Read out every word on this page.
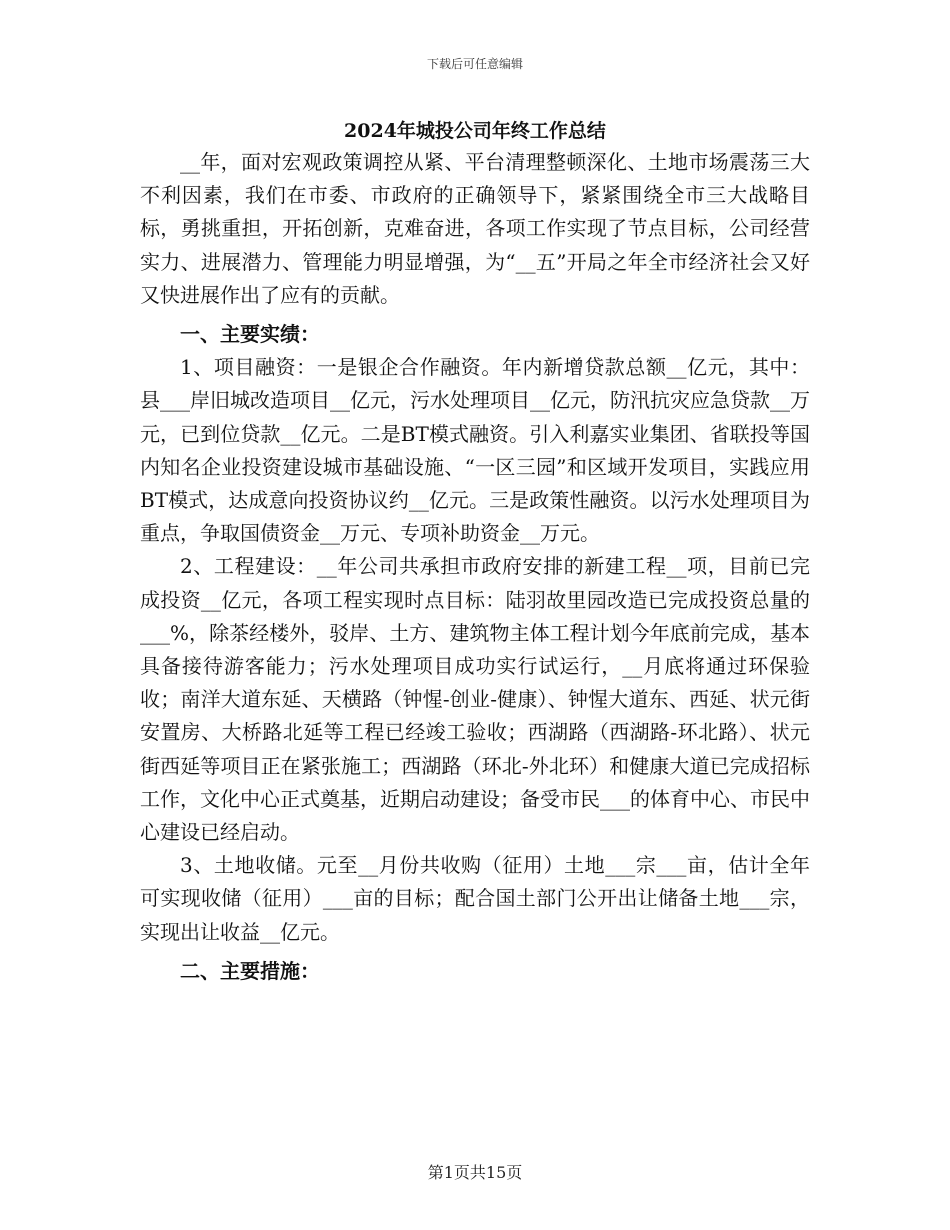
下载后可任意编辑
2024年城投公司年终工作总结

__年，面对宏观政策调控从紧、平台清理整顿深化、土地市场震荡三大不利因素，我们在市委、市政府的正确领导下，紧紧围绕全市三大战略目标，勇挑重担，开拓创新，克难奋进，各项工作实现了节点目标，公司经营实力、进展潜力、管理能力明显增强，为“__五”开局之年全市经济社会又好又快进展作出了应有的贡献。

一、主要实绩：

1、项目融资：一是银企合作融资。年内新增贷款总额__亿元，其中：县___岸旧城改造项目__亿元，污水处理项目__亿元，防汛抗灾应急贷款__万元，已到位贷款__亿元。二是BT模式融资。引入利嘉实业集团、省联投等国内知名企业投资建设城市基础设施、“一区三园”和区域开发项目，实践应用BT模式，达成意向投资协议约__亿元。三是政策性融资。以污水处理项目为重点，争取国债资金__万元、专项补助资金__万元。

2、工程建设：__年公司共承担市政府安排的新建工程__项，目前已完成投资__亿元，各项工程实现时点目标：陆羽故里园改造已完成投资总量的___%，除茶经楼外，驳岸、土方、建筑物主体工程计划今年底前完成，基本具备接待游客能力；污水处理项目成功实行试运行，__月底将通过环保验收；南洋大道东延、天横路（钟惺-创业-健康）、钟惺大道东、西延、状元街安置房、大桥路北延等工程已经竣工验收；西湖路（西湖路-环北路）、状元街西延等项目正在紧张施工；西湖路（环北-外北环）和健康大道已完成招标工作，文化中心正式奠基，近期启动建设；备受市民___的体育中心、市民中心建设已经启动。

3、土地收储。元至__月份共收购（征用）土地___宗___亩，估计全年可实现收储（征用）___亩的目标；配合国土部门公开出让储备土地___宗，实现出让收益__亿元。

二、主要措施：
第1页共15页
